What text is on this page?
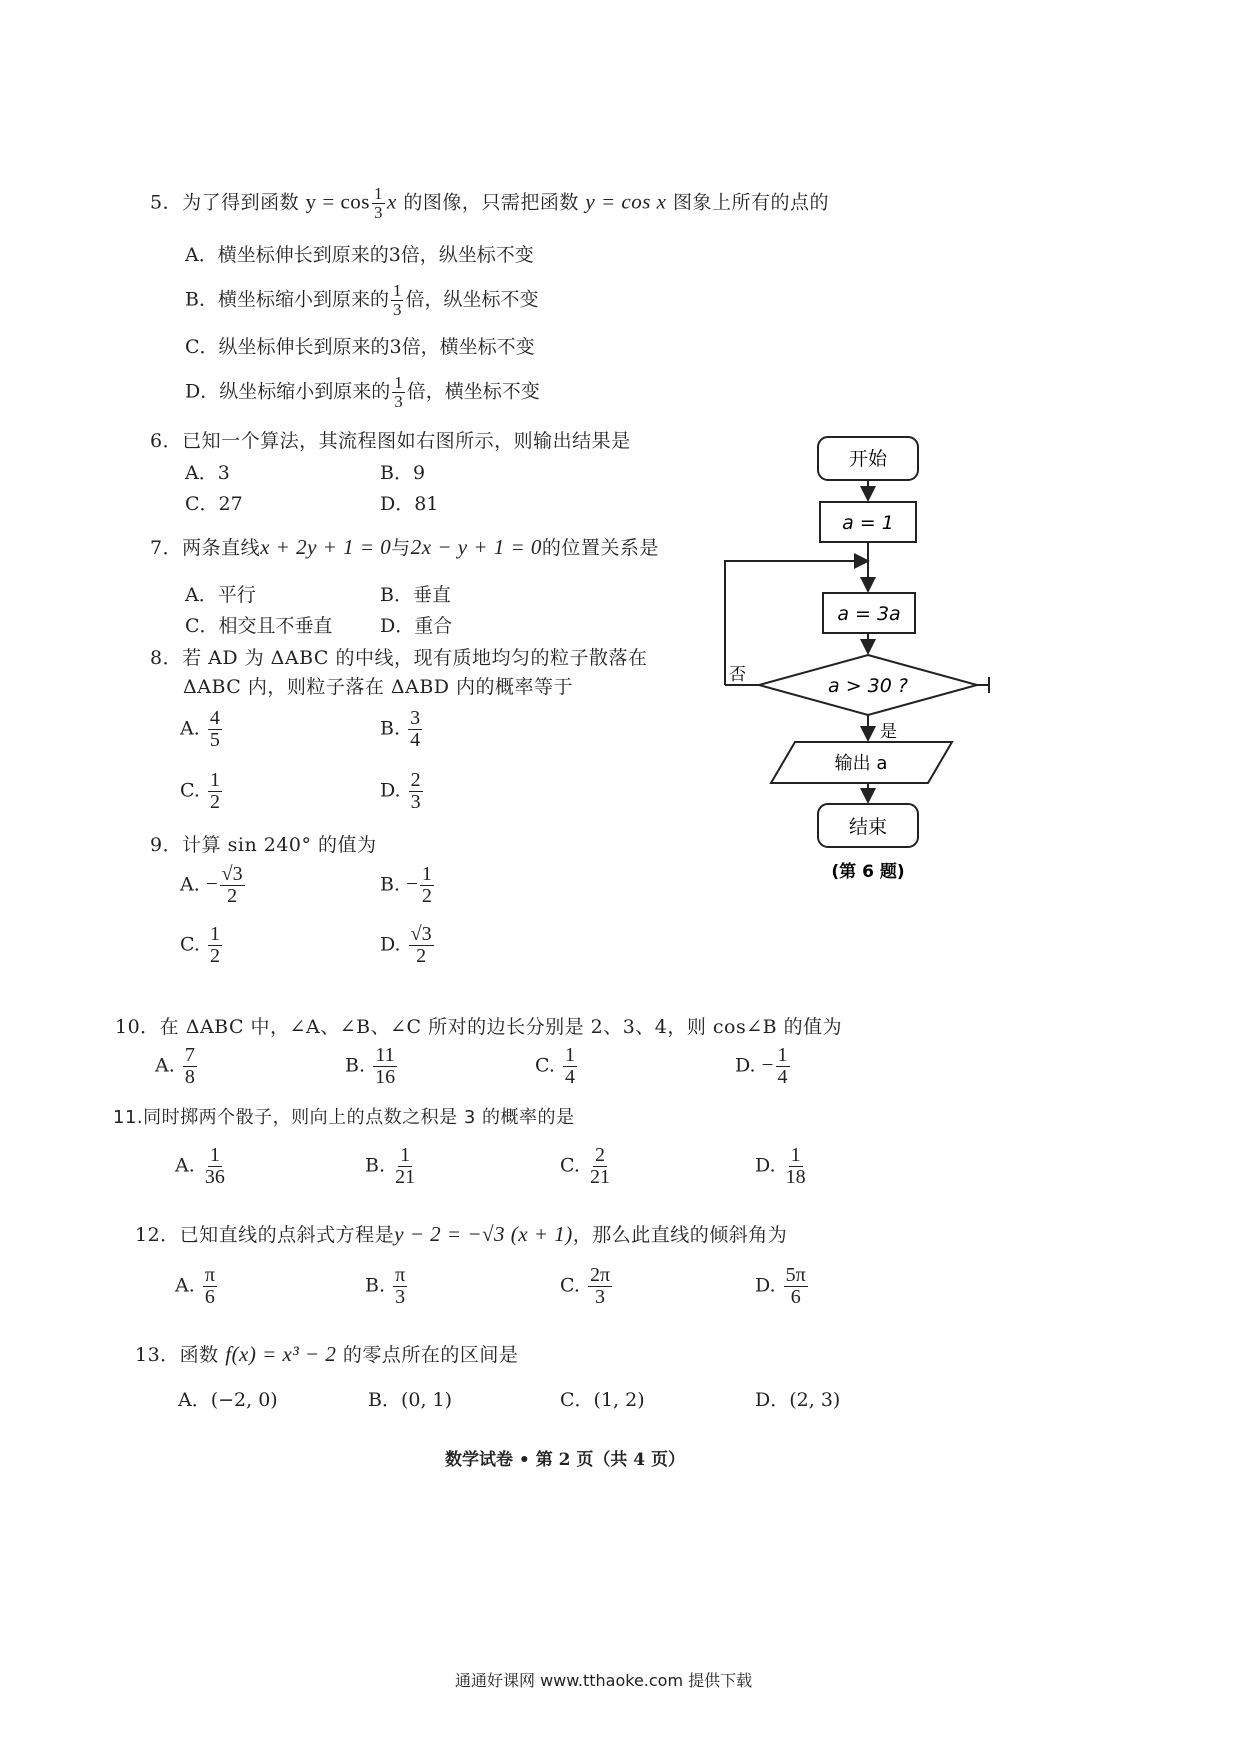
5．为了得到函数 $y = \cos \frac{1}{3}$ x 的图像，只需把函数 y = cos x 图象上所有的点的
A．横坐标伸长到原来的3倍，纵坐标不变
B．横坐标缩小到原来的 $\frac{1}{3}$ 倍，纵坐标不变
C．纵坐标伸长到原来的3倍，横坐标不变
D．纵坐标缩小到原来的 $\frac{1}{3}$ 倍，横坐标不变
6．已知一个算法，其流程图如右图所示，则输出结果是
A．3	B．9
C．27	D．81
7．两条直线x + 2y + 1 = 0与2x − y + 1 = 0的位置关系是
A．平行	B．垂直
C．相交且不垂直 D．重合
8．若 AD 为 ΔABC 的中线，现有质地均匀的粒子散落在
ΔABC 内，则粒子落在 ΔABD 内的概率等于
A. $\frac{4}{5}$	B. $\frac{3}{4}$
C. $\frac{1}{2}$	D. $\frac{2}{3}$
9．计算 sin 240° 的值为
A. − $\frac{√3}{2}$	B. − $\frac{1}{2}$
C. $\frac{1}{2}$	D. $\frac{√3}{2}$
开始
a = 1
a = 3a
a > 30 ?
否
是
输出 a
结束
(第 6 题)
10．在 ΔABC 中，∠A、∠B、∠C 所对的边长分别是 2、3、4，则 cos∠B 的值为
A. $\frac{7}{8}$	B. $\frac{11}{16}$	C. $\frac{1}{4}$	D. − $\frac{1}{4}$
11.同时掷两个骰子，则向上的点数之积是 3 的概率的是
A. $\frac{1}{36}$	B. $\frac{1}{21}$	C. $\frac{2}{21}$	D. $\frac{1}{18}$
12．已知直线的点斜式方程是y − 2 = −√3 (x + 1)，那么此直线的倾斜角为
A. $\frac{\pi}{6}$	B. $\frac{\pi}{3}$	C. $\frac{2\pi}{3}$	D. $\frac{5\pi}{6}$
13．函数 f(x) = x³ − 2 的零点所在的区间是
A．(−2, 0)	B．(0, 1)	C．(1, 2)	D．(2, 3)
数学试卷 • 第 2 页（共 4 页）
通通好课网 www.tthaoke.com 提供下载
